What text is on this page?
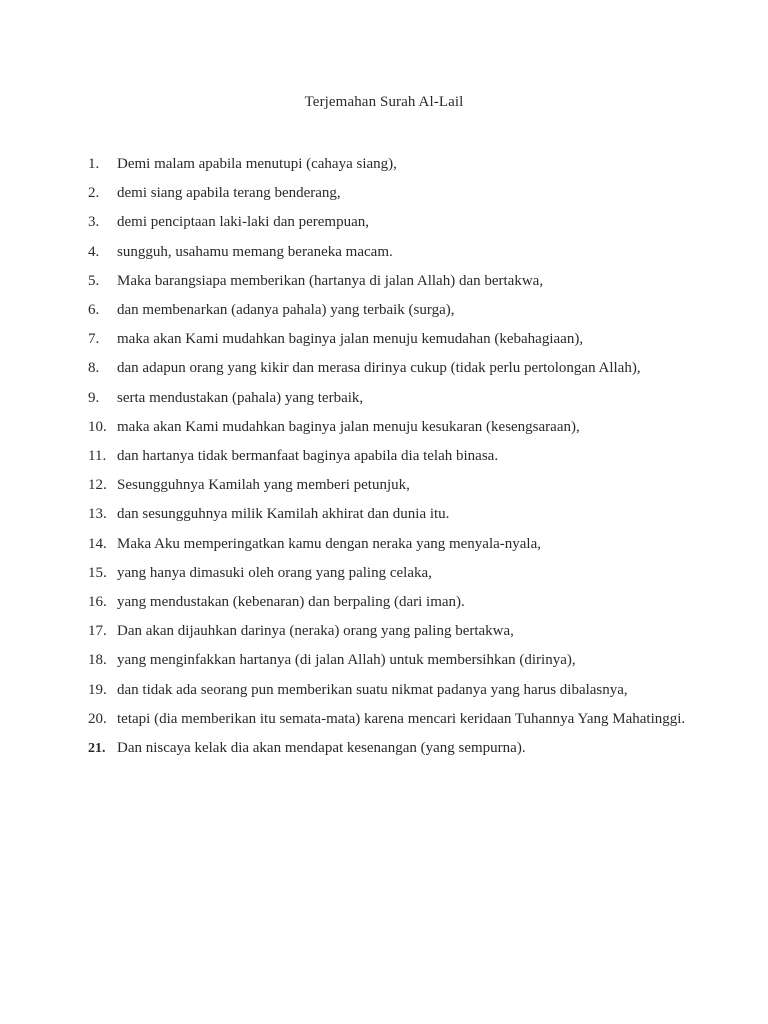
Terjemahan Surah Al-Lail
1.	Demi malam apabila menutupi (cahaya siang),
2.	demi siang apabila terang benderang,
3.	demi penciptaan laki-laki dan perempuan,
4.	sungguh, usahamu memang beraneka macam.
5.	Maka barangsiapa memberikan (hartanya di jalan Allah) dan bertakwa,
6.	dan membenarkan (adanya pahala) yang terbaik (surga),
7.	maka akan Kami mudahkan baginya jalan menuju kemudahan (kebahagiaan),
8.	dan adapun orang yang kikir dan merasa dirinya cukup (tidak perlu pertolongan Allah),
9.	serta mendustakan (pahala) yang terbaik,
10. maka akan Kami mudahkan baginya jalan menuju kesukaran (kesengsaraan),
11. dan hartanya tidak bermanfaat baginya apabila dia telah binasa.
12. Sesungguhnya Kamilah yang memberi petunjuk,
13. dan sesungguhnya milik Kamilah akhirat dan dunia itu.
14. Maka Aku memperingatkan kamu dengan neraka yang menyala-nyala,
15. yang hanya dimasuki oleh orang yang paling celaka,
16. yang mendustakan (kebenaran) dan berpaling (dari iman).
17. Dan akan dijauhkan darinya (neraka) orang yang paling bertakwa,
18. yang menginfakkan hartanya (di jalan Allah) untuk membersihkan (dirinya),
19. dan tidak ada seorang pun memberikan suatu nikmat padanya yang harus dibalasnya,
20. tetapi (dia memberikan itu semata-mata) karena mencari keridaan Tuhannya Yang Mahatinggi.
21. Dan niscaya kelak dia akan mendapat kesenangan (yang sempurna).
